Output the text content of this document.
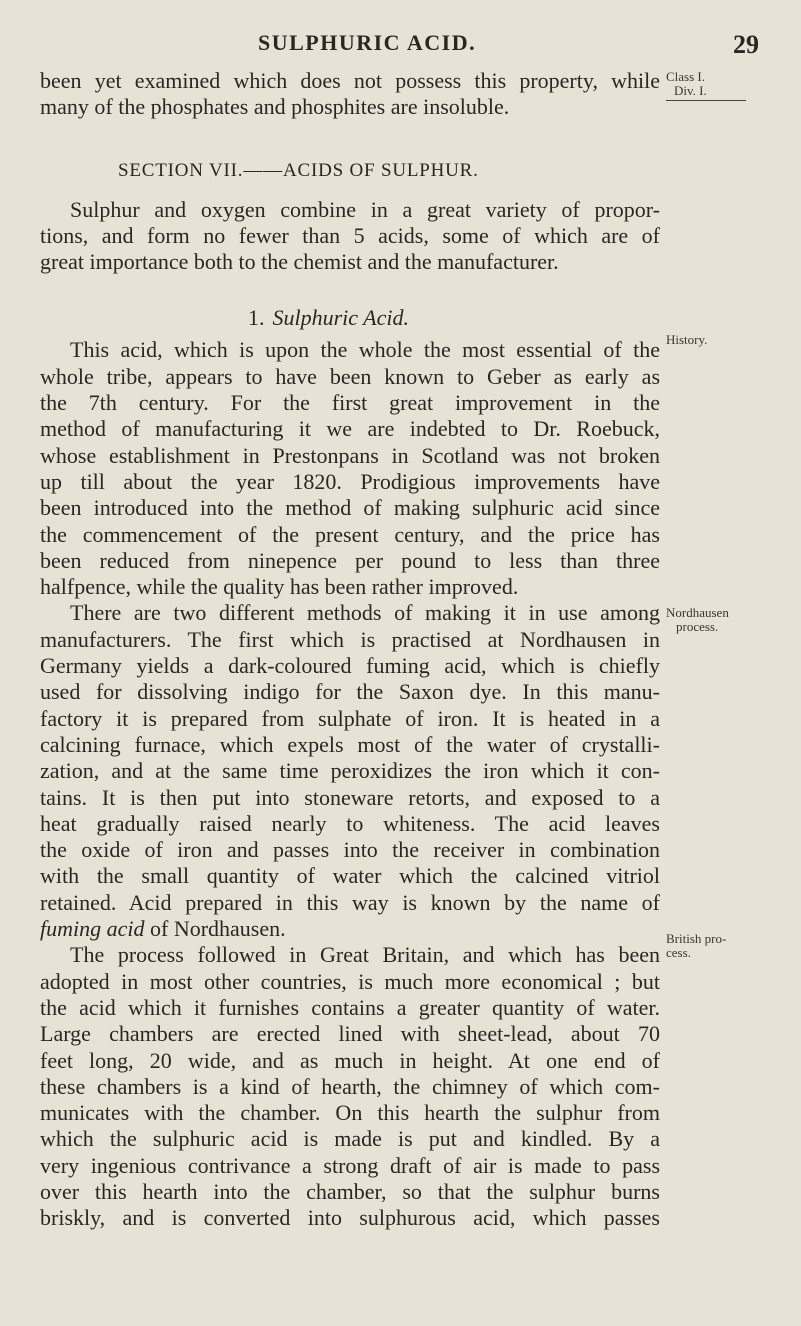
SULPHURIC ACID.	29
Class I.
Div. I.
History.
Nordhausen
process.
British pro-
cess.
been yet examined which does not possess this property, while
many of the phosphates and phosphites are insoluble.
SECTION VII.——ACIDS OF SULPHUR.
Sulphur and oxygen combine in a great variety of propor-
tions, and form no fewer than 5 acids, some of which are of
great importance both to the chemist and the manufacturer.
1. Sulphuric Acid.
This acid, which is upon the whole the most essential of the
whole tribe, appears to have been known to Geber as early as
the 7th century. For the first great improvement in the
method of manufacturing it we are indebted to Dr. Roebuck,
whose establishment in Prestonpans in Scotland was not broken
up till about the year 1820. Prodigious improvements have
been introduced into the method of making sulphuric acid since
the commencement of the present century, and the price has
been reduced from ninepence per pound to less than three
halfpence, while the quality has been rather improved.
There are two different methods of making it in use among
manufacturers. The first which is practised at Nordhausen in
Germany yields a dark-coloured fuming acid, which is chiefly
used for dissolving indigo for the Saxon dye. In this manu-
factory it is prepared from sulphate of iron. It is heated in a
calcining furnace, which expels most of the water of crystalli-
zation, and at the same time peroxidizes the iron which it con-
tains. It is then put into stoneware retorts, and exposed to a
heat gradually raised nearly to whiteness. The acid leaves
the oxide of iron and passes into the receiver in combination
with the small quantity of water which the calcined vitriol
retained. Acid prepared in this way is known by the name of
fuming acid of Nordhausen.
The process followed in Great Britain, and which has been
adopted in most other countries, is much more economical ; but
the acid which it furnishes contains a greater quantity of water.
Large chambers are erected lined with sheet-lead, about 70
feet long, 20 wide, and as much in height. At one end of
these chambers is a kind of hearth, the chimney of which com-
municates with the chamber. On this hearth the sulphur from
which the sulphuric acid is made is put and kindled. By a
very ingenious contrivance a strong draft of air is made to pass
over this hearth into the chamber, so that the sulphur burns
briskly, and is converted into sulphurous acid, which passes
